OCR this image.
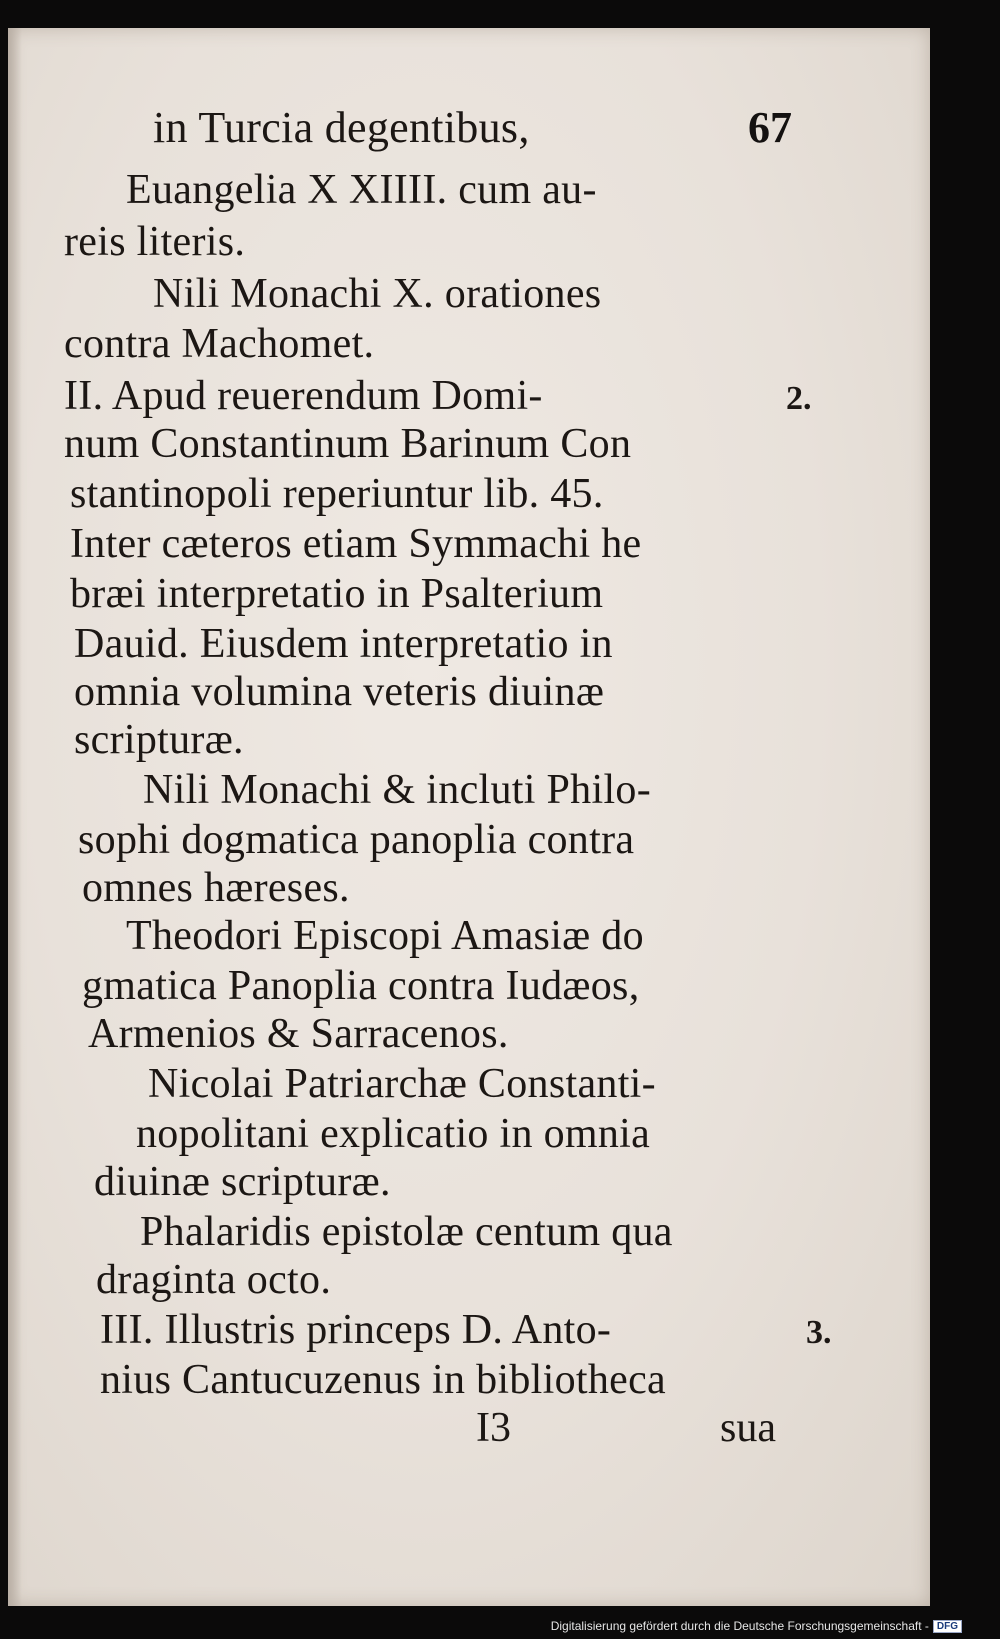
in Turcia degentibus,	67
Euangelia X XIIII. cum au-
reis literis.
Nili Monachi X. orationes
contra Machomet.
II. Apud reuerendum Domi-
num Constantinum Barinum Con
stantinopoli reperiuntur lib. 45.
Inter cæteros etiam Symmachi he
bræi interpretatio in Psalterium
Dauid. Eiusdem interpretatio in
omnia volumina veteris diuinæ
scripturæ.
Nili Monachi & incluti Philo-
sophi dogmatica panoplia contra
omnes hæreses.
Theodori Episcopi Amasiæ do
gmatica Panoplia contra Iudæos,
Armenios & Sarracenos.
Nicolai Patriarchæ Constanti-
nopolitani explicatio in omnia
diuinæ scripturæ.
Phalaridis epistolæ centum qua
draginta octo.
III. Illustris princeps D. Anto-
nius Cantucuzenus in bibliotheca
2.
3.
I3	sua
Digitalisierung gefördert durch die Deutsche Forschungsgemeinschaft - DFG
